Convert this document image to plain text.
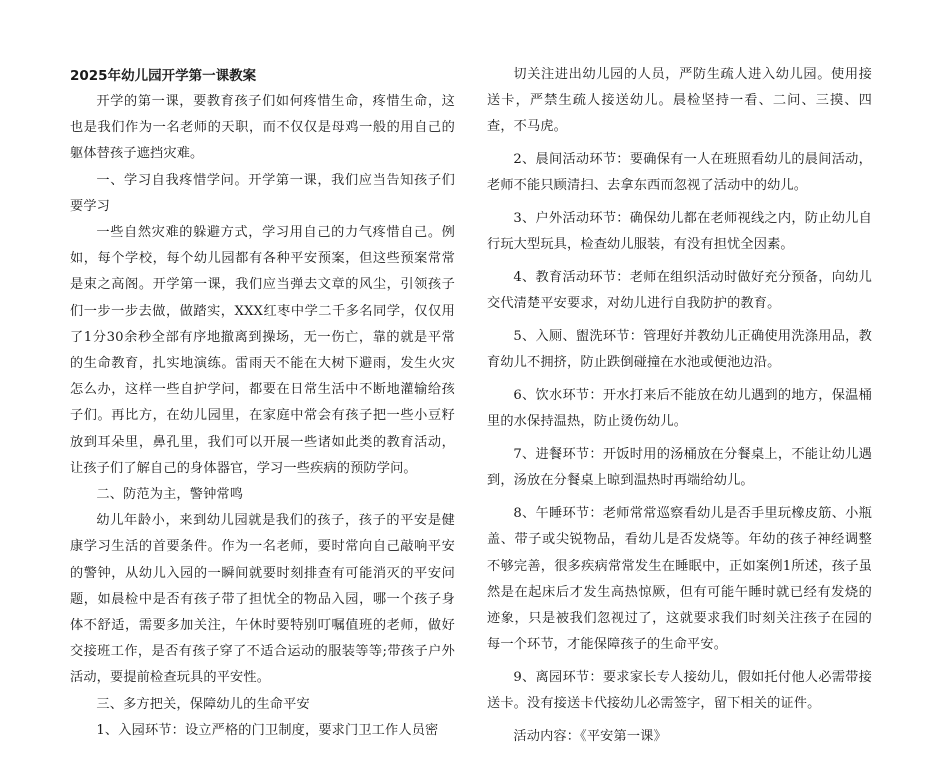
2025年幼儿园开学第一课教案

开学的第一课，要教育孩子们如何疼惜生命，疼惜生命，这也是我们作为一名老师的天职，而不仅仅是母鸡一般的用自己的躯体替孩子遮挡灾难。

一、学习自我疼惜学问。开学第一课，我们应当告知孩子们要学习

一些自然灾难的躲避方式，学习用自己的力气疼惜自己。例如，每个学校，每个幼儿园都有各种平安预案，但这些预案常常是束之高阁。开学第一课，我们应当弹去文章的风尘，引领孩子们一步一步去做，做踏实，XXX红枣中学二千多名同学，仅仅用了1分30余秒全部有序地撤离到操场，无一伤亡，靠的就是平常的生命教育，扎实地演练。雷雨天不能在大树下避雨，发生火灾怎么办，这样一些自护学问，都要在日常生活中不断地灌输给孩子们。再比方，在幼儿园里，在家庭中常会有孩子把一些小豆籽放到耳朵里，鼻孔里，我们可以开展一些诸如此类的教育活动，让孩子们了解自己的身体器官，学习一些疾病的预防学问。

二、防范为主，警钟常鸣

幼儿年龄小，来到幼儿园就是我们的孩子，孩子的平安是健康学习生活的首要条件。作为一名老师，要时常向自己敲响平安的警钟，从幼儿入园的一瞬间就要时刻排查有可能消灭的平安问题，如晨检中是否有孩子带了担忧全的物品入园，哪一个孩子身体不舒适，需要多加关注，午休时要特别叮嘱值班的老师，做好交接班工作，是否有孩子穿了不适合运动的服装等等;带孩子户外活动，要提前检查玩具的平安性。

三、多方把关，保障幼儿的生命平安

1、入园环节：设立严格的门卫制度，要求门卫工作人员密

切关注进出幼儿园的人员，严防生疏人进入幼儿园。使用接送卡，严禁生疏人接送幼儿。晨检坚持一看、二问、三摸、四查，不马虎。

2、晨间活动环节：要确保有一人在班照看幼儿的晨间活动，老师不能只顾清扫、去拿东西而忽视了活动中的幼儿。

3、户外活动环节：确保幼儿都在老师视线之内，防止幼儿自行玩大型玩具，检查幼儿服装，有没有担忧全因素。

4、教育活动环节：老师在组织活动时做好充分预备，向幼儿交代清楚平安要求，对幼儿进行自我防护的教育。

5、入厕、盥洗环节：管理好并教幼儿正确使用洗涤用品，教育幼儿不拥挤，防止跌倒碰撞在水池或便池边沿。

6、饮水环节：开水打来后不能放在幼儿遇到的地方，保温桶里的水保持温热，防止烫伤幼儿。

7、进餐环节：开饭时用的汤桶放在分餐桌上，不能让幼儿遇到，汤放在分餐桌上晾到温热时再端给幼儿。

8、午睡环节：老师常常巡察看幼儿是否手里玩橡皮筋、小瓶盖、带子或尖锐物品，看幼儿是否发烧等。年幼的孩子神经调整不够完善，很多疾病常常发生在睡眠中，正如案例1所述，孩子虽然是在起床后才发生高热惊厥，但有可能午睡时就已经有发烧的迹象，只是被我们忽视过了，这就要求我们时刻关注孩子在园的每一个环节，才能保障孩子的生命平安。

9、离园环节：要求家长专人接幼儿，假如托付他人必需带接送卡。没有接送卡代接幼儿必需签字，留下相关的证件。

活动内容：《平安第一课》
